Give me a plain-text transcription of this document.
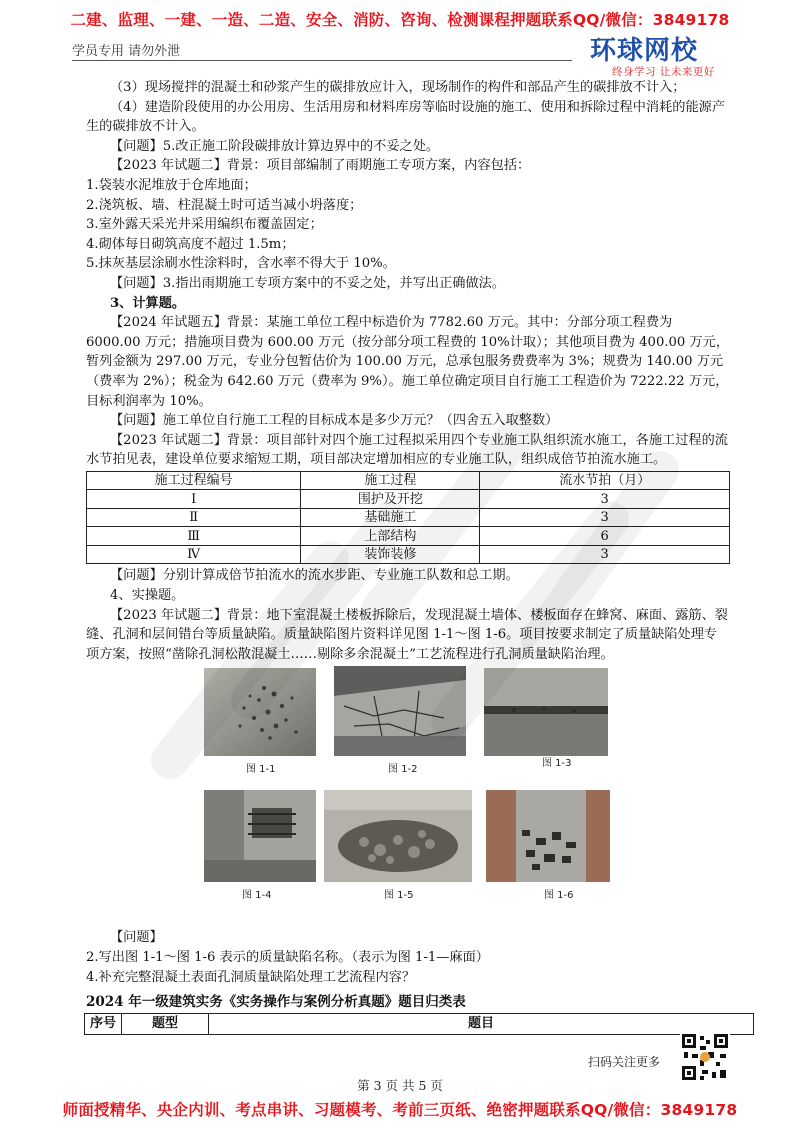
二建、监理、一建、一造、二造、安全、消防、咨询、检测课程押题联系QQ/微信：3849178
学员专用 请勿外泄	环球网校
终身学习 让未来更好

（3）现场搅拌的混凝土和砂浆产生的碳排放应计入，现场制作的构件和部品产生的碳排放不计入；

（4）建造阶段使用的办公用房、生活用房和材料库房等临时设施的施工、使用和拆除过程中消耗的能源产生的碳排放不计入。

【问题】5.改正施工阶段碳排放计算边界中的不妥之处。

【2023 年试题二】背景：项目部编制了雨期施工专项方案，内容包括：

1.袋装水泥堆放于仓库地面；

2.浇筑板、墙、柱混凝土时可适当减小坍落度；

3.室外露天采光井采用编织布覆盖固定；

4.砌体每日砌筑高度不超过 1.5m；

5.抹灰基层涂刷水性涂料时，含水率不得大于 10%。

【问题】3.指出雨期施工专项方案中的不妥之处，并写出正确做法。

3、计算题。

【2024 年试题五】背景：某施工单位工程中标造价为 7782.60 万元。其中：分部分项工程费为 6000.00 万元；措施项目费为 600.00 万元（按分部分项工程费的 10%计取）；其他项目费为 400.00 万元，暂列金额为 297.00 万元，专业分包暂估价为 100.00 万元，总承包服务费费率为 3%；规费为 140.00 万元（费率为 2%）；税金为 642.60 万元（费率为 9%）。施工单位确定项目自行施工工程造价为 7222.22 万元，目标利润率为 10%。

【问题】施工单位自行施工工程的目标成本是多少万元？（四舍五入取整数）

【2023 年试题二】背景：项目部针对四个施工过程拟采用四个专业施工队组织流水施工，各施工过程的流水节拍见表，建设单位要求缩短工期，项目部决定增加相应的专业施工队，组织成倍节拍流水施工。

施工过程编号	施工过程	流水节拍（月）
Ⅰ	围护及开挖	3
Ⅱ	基础施工	3
Ⅲ	上部结构	6
Ⅳ	装饰装修	3

【问题】分别计算成倍节拍流水的流水步距、专业施工队数和总工期。

4、实操题。

【2023 年试题二】背景：地下室混凝土楼板拆除后，发现混凝土墙体、楼板面存在蜂窝、麻面、露筋、裂缝、孔洞和层间错台等质量缺陷。质量缺陷图片资料详见图 1-1～图 1-6。项目按要求制定了质量缺陷处理专项方案，按照“凿除孔洞松散混凝土……剔除多余混凝土”工艺流程进行孔洞质量缺陷治理。

图 1-1	图 1-2
图 1-3
图 1-4	图 1-5	图 1-6

【问题】

2.写出图 1-1～图 1-6 表示的质量缺陷名称。（表示为图 1-1—麻面）

4.补充完整混凝土表面孔洞质量缺陷处理工艺流程内容？

2024 年一级建筑实务《实务操作与案例分析真题》题目归类表

序号	题型	题目
扫码关注更多
第 3 页 共 5 页
师面授精华、央企内训、考点串讲、习题模考、考前三页纸、绝密押题联系QQ/微信：3849178
